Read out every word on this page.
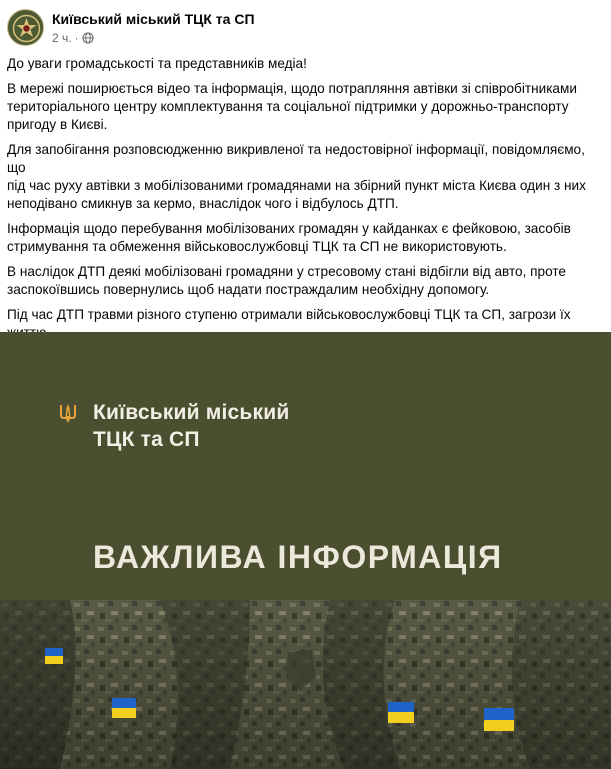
Київський міський ТЦК та СП
2 ч. ·

До уваги громадськості та представників медіа!

В мережі поширюється відео та інформація, щодо потрапляння автівки зі співробітниками
територіального центру комплектування та соціальної підтримки у дорожньо-транспорту
пригоду в Києві.

Для запобігання розповсюдженню викривленої та недостовірної інформації, повідомляємо, що
під час руху автівки з мобілізованими громадянами на збірний пункт міста Києва один з них
неподівано смикнув за кермо, внаслідок чого і відбулось ДТП.

Інформація щодо перебування мобілізованих громадян у кайданках є фейковою, засобів
стримування та обмеження військовослужбовці ТЦК та СП не використовують.

В наслідок ДТП деякі мобілізовані громадяни у стресовому стані відбігли від авто, проте
заспокоївшись повернулись щоб надати постраждалим необхідну допомогу.

Під час ДТП травми різного ступеню отримали військовослужбовці ТЦК та СП, загрози їх

Київський міський
ТЦК та СП
ВАЖЛИВА ІНФОРМАЦІЯ
